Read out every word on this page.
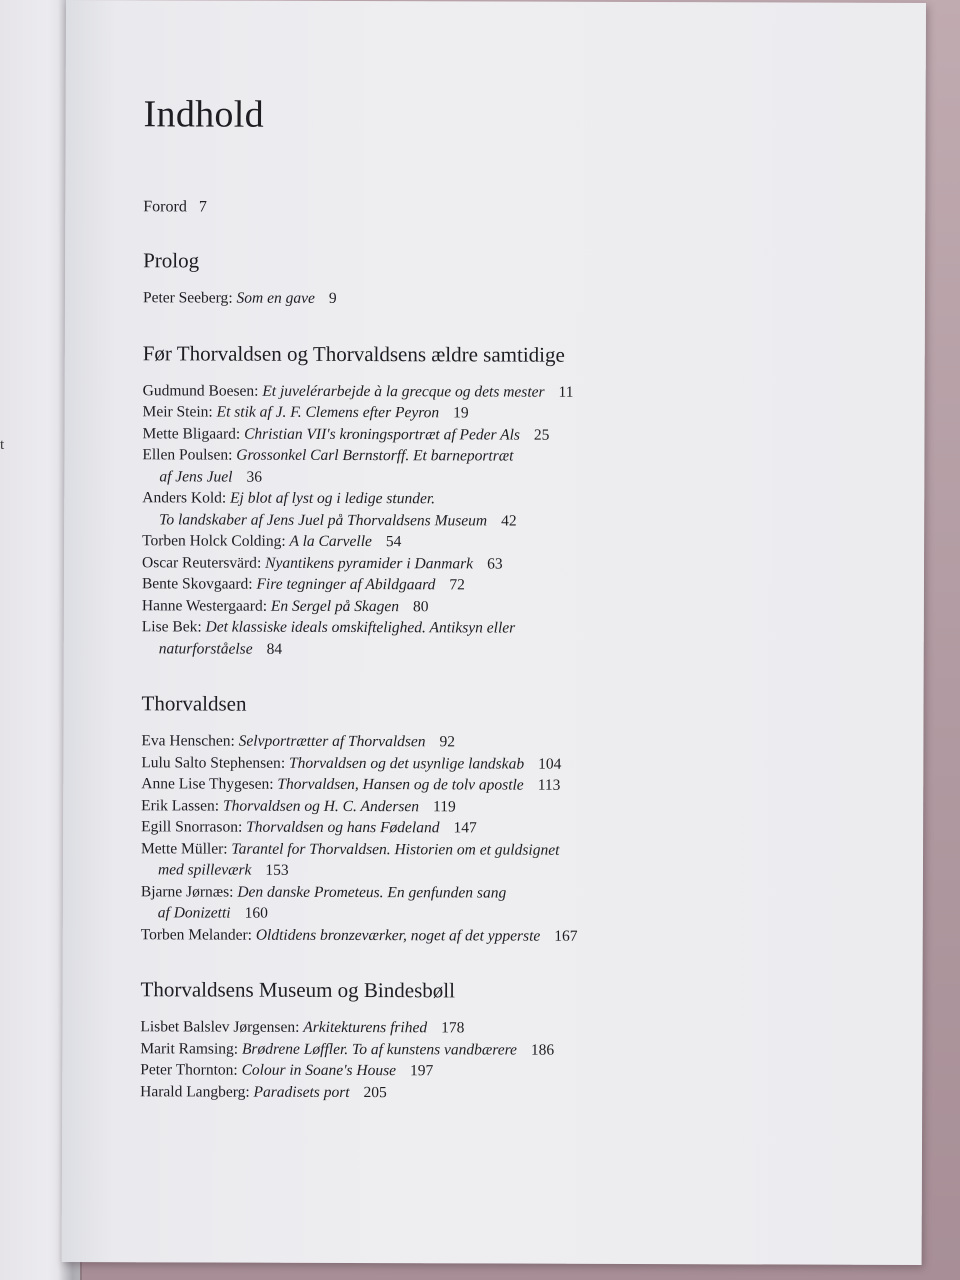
t
Indhold
Forord 7
Prolog
Peter Seeberg: Som en gave 9
Før Thorvaldsen og Thorvaldsens ældre samtidige
Gudmund Boesen: Et juvelérarbejde à la grecque og dets mester 11
Meir Stein: Et stik af J. F. Clemens efter Peyron 19
Mette Bligaard: Christian VII's kroningsportræt af Peder Als 25
Ellen Poulsen: Grossonkel Carl Bernstorff. Et barneportræt
af Jens Juel 36
Anders Kold: Ej blot af lyst og i ledige stunder.
To landskaber af Jens Juel på Thorvaldsens Museum 42
Torben Holck Colding: A la Carvelle 54
Oscar Reutersvärd: Nyantikens pyramider i Danmark 63
Bente Skovgaard: Fire tegninger af Abildgaard 72
Hanne Westergaard: En Sergel på Skagen 80
Lise Bek: Det klassiske ideals omskiftelighed. Antiksyn eller
naturforståelse 84
Thorvaldsen
Eva Henschen: Selvportrætter af Thorvaldsen 92
Lulu Salto Stephensen: Thorvaldsen og det usynlige landskab 104
Anne Lise Thygesen: Thorvaldsen, Hansen og de tolv apostle 113
Erik Lassen: Thorvaldsen og H. C. Andersen 119
Egill Snorrason: Thorvaldsen og hans Fødeland 147
Mette Müller: Tarantel for Thorvaldsen. Historien om et guldsignet
med spilleværk 153
Bjarne Jørnæs: Den danske Prometeus. En genfunden sang
af Donizetti 160
Torben Melander: Oldtidens bronzeværker, noget af det ypperste 167
Thorvaldsens Museum og Bindesbøll
Lisbet Balslev Jørgensen: Arkitekturens frihed 178
Marit Ramsing: Brødrene Løffler. To af kunstens vandbærere 186
Peter Thornton: Colour in Soane's House 197
Harald Langberg: Paradisets port 205
